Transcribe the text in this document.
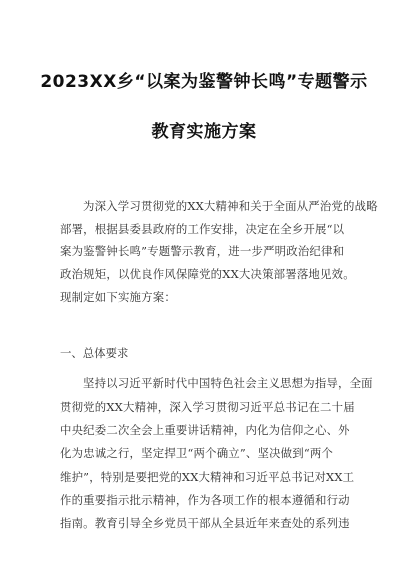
2023XX乡“以案为鉴警钟长鸣”专题警示
教育实施方案
为深入学习贯彻党的XX大精神和关于全面从严治党的战略
部署，根据县委县政府的工作安排，决定在全乡开展“以
案为鉴警钟长鸣”专题警示教育，进一步严明政治纪律和
政治规矩，以优良作风保障党的XX大决策部署落地见效。
现制定如下实施方案：
一、总体要求
坚持以习近平新时代中国特色社会主义思想为指导，全面
贯彻党的XX大精神，深入学习贯彻习近平总书记在二十届
中央纪委二次全会上重要讲话精神，内化为信仰之心、外
化为忠诚之行，坚定捍卫“两个确立”、坚决做到“两个
维护”，特别是要把党的XX大精神和习近平总书记对XX工
作的重要指示批示精神，作为各项工作的根本遵循和行动
指南。教育引导全乡党员干部从全县近年来查处的系列违
